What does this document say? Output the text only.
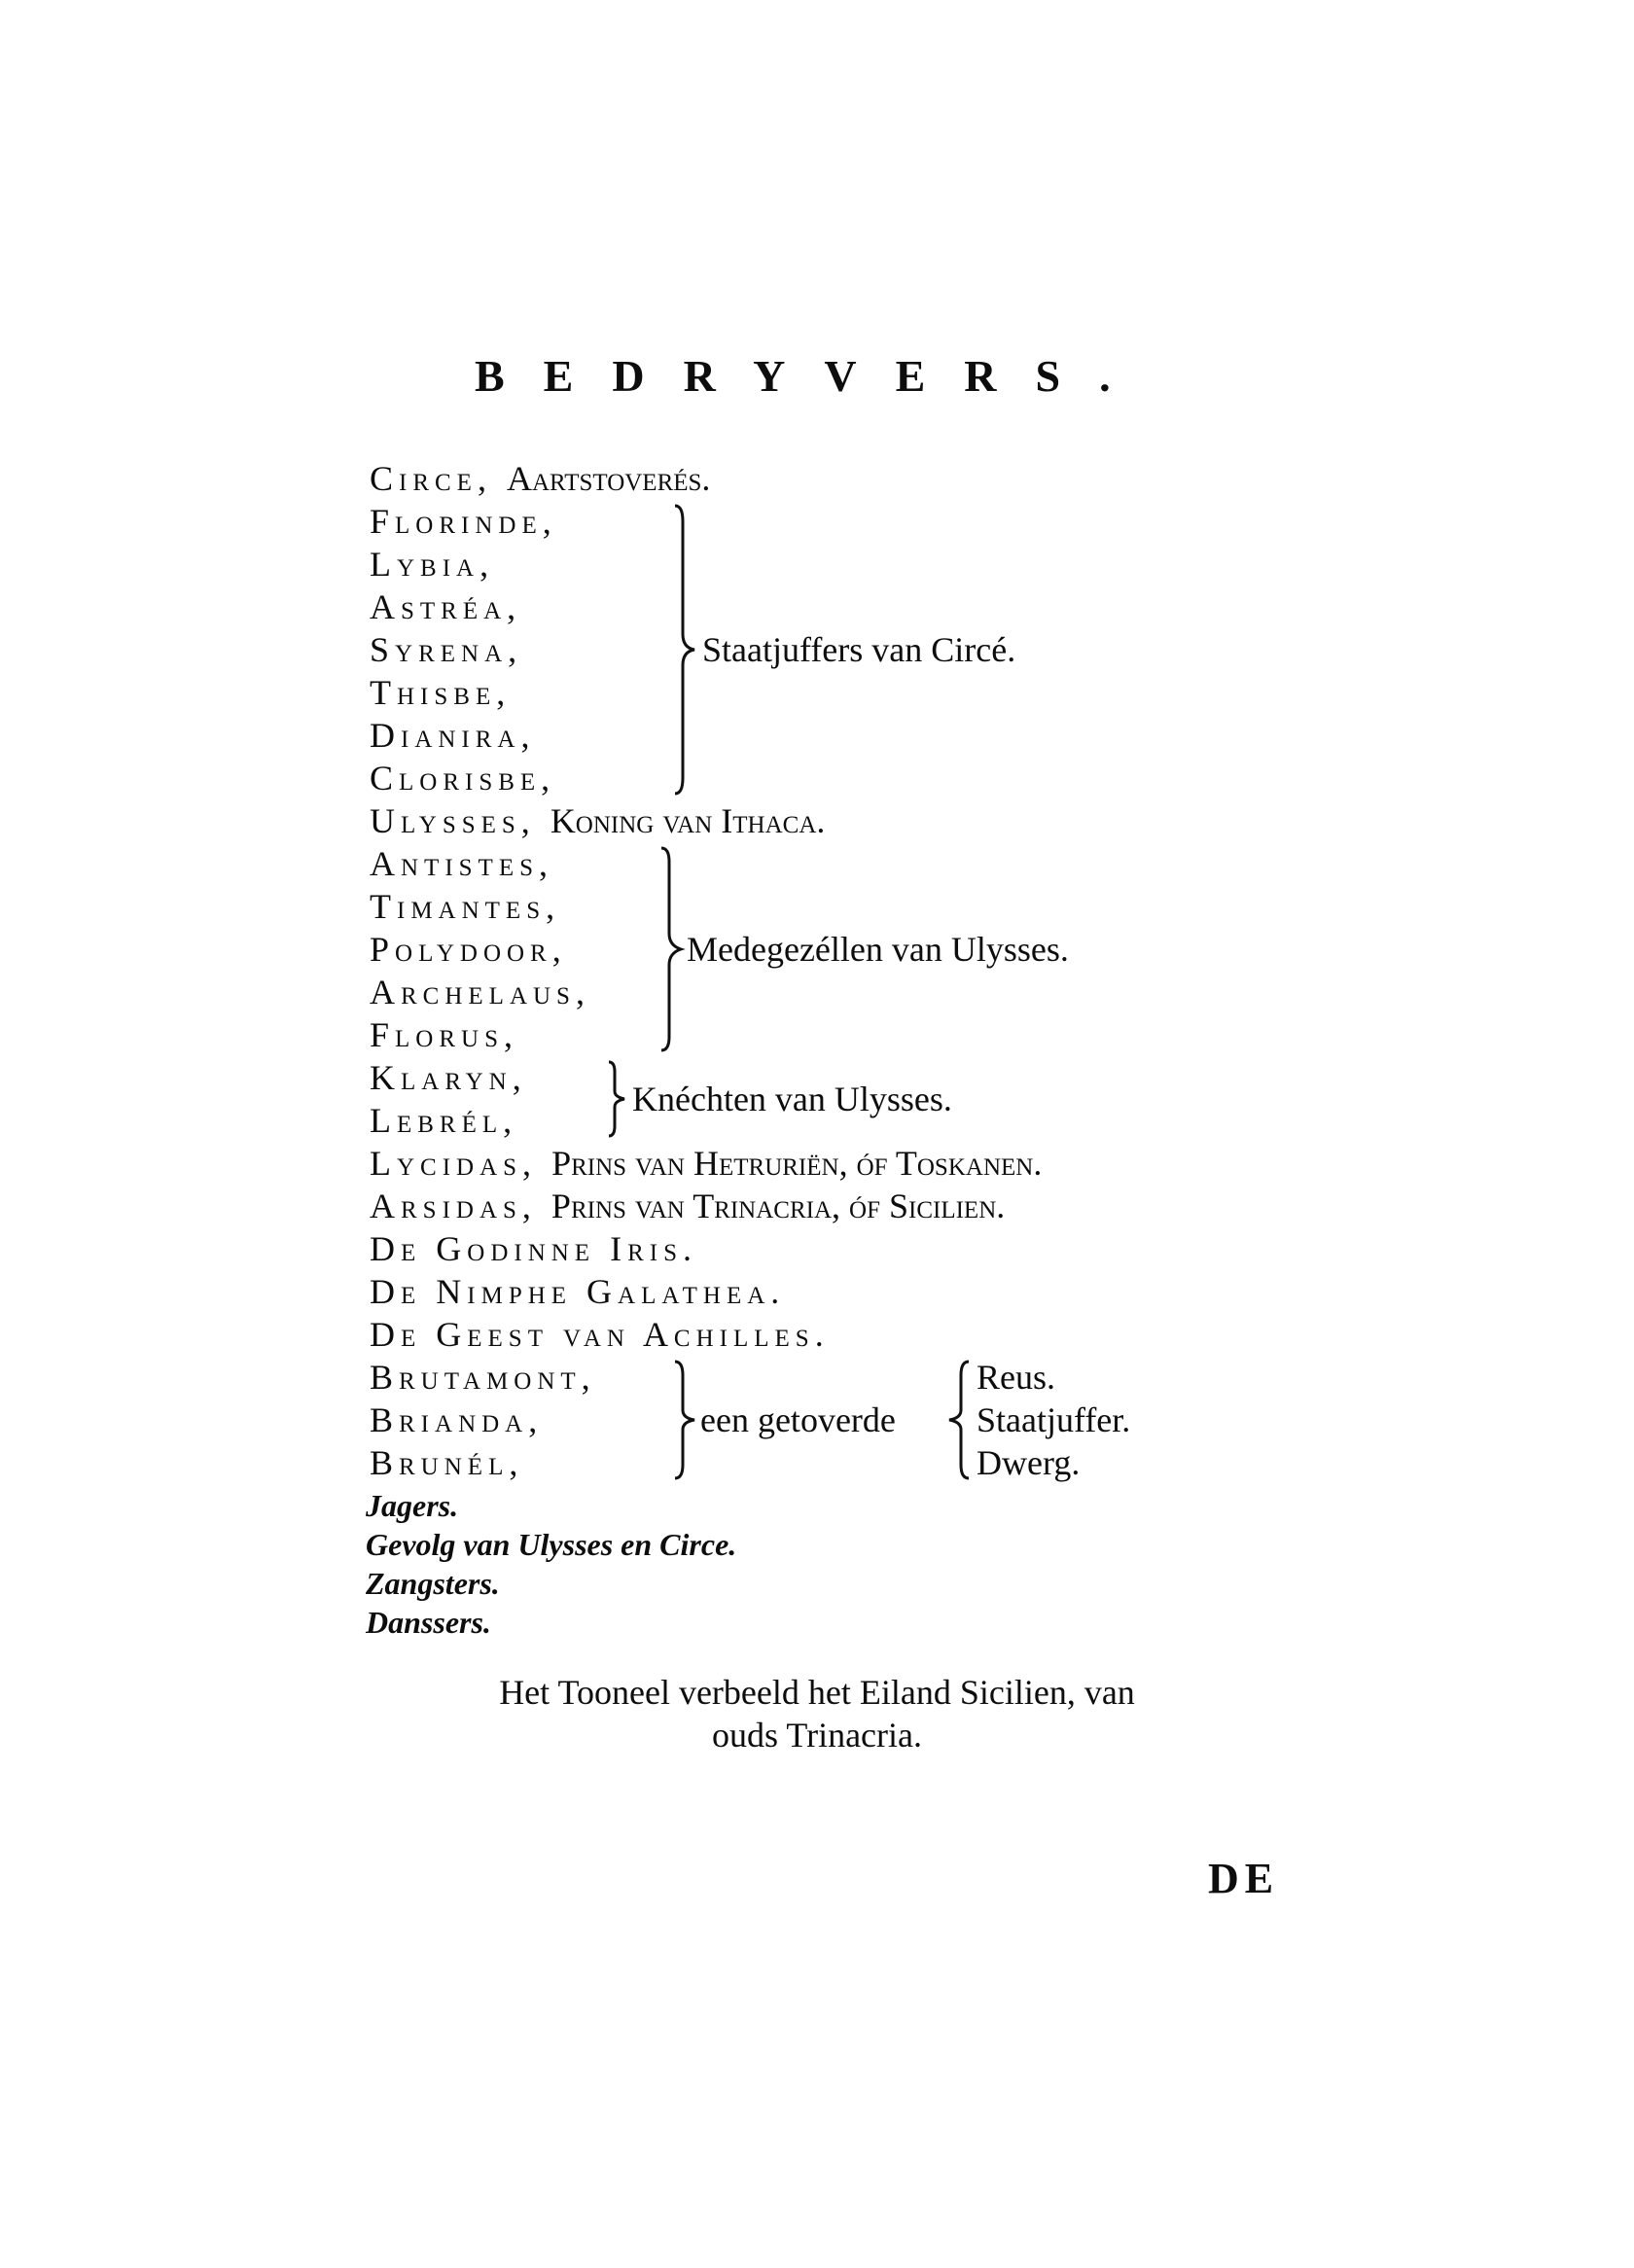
BEDRYVERS.
Circe, Aartstoverés.
Florinde,
Lybia,
Astréa,
Syrena,
Thisbe,
Dianira,
Clorisbe,
Staatjuffers van Circé.
Ulysses, Koning van Ithaca.
Antistes,
Timantes,
Polydoor,
Archelaus,
Florus,
Medegezéllen van Ulysses.
Klaryn,
Lebrél,
Knéchten van Ulysses.
Lycidas, Prins van Hetruriën, óf Toskanen.
Arsidas, Prins van Trinacria, óf Sicilien.
De Godinne Iris.
De Nimphe Galathea.
De Geest van Achilles.
Brutamont,
Brianda,
Brunél,
een getoverde
Reus.
Staatjuffer.
Dwerg.
Jagers.
Gevolg van Ulysses en Circe.
Zangsters.
Danssers.
Het Tooneel verbeeld het Eiland Sicilien, van
ouds Trinacria.
DE
